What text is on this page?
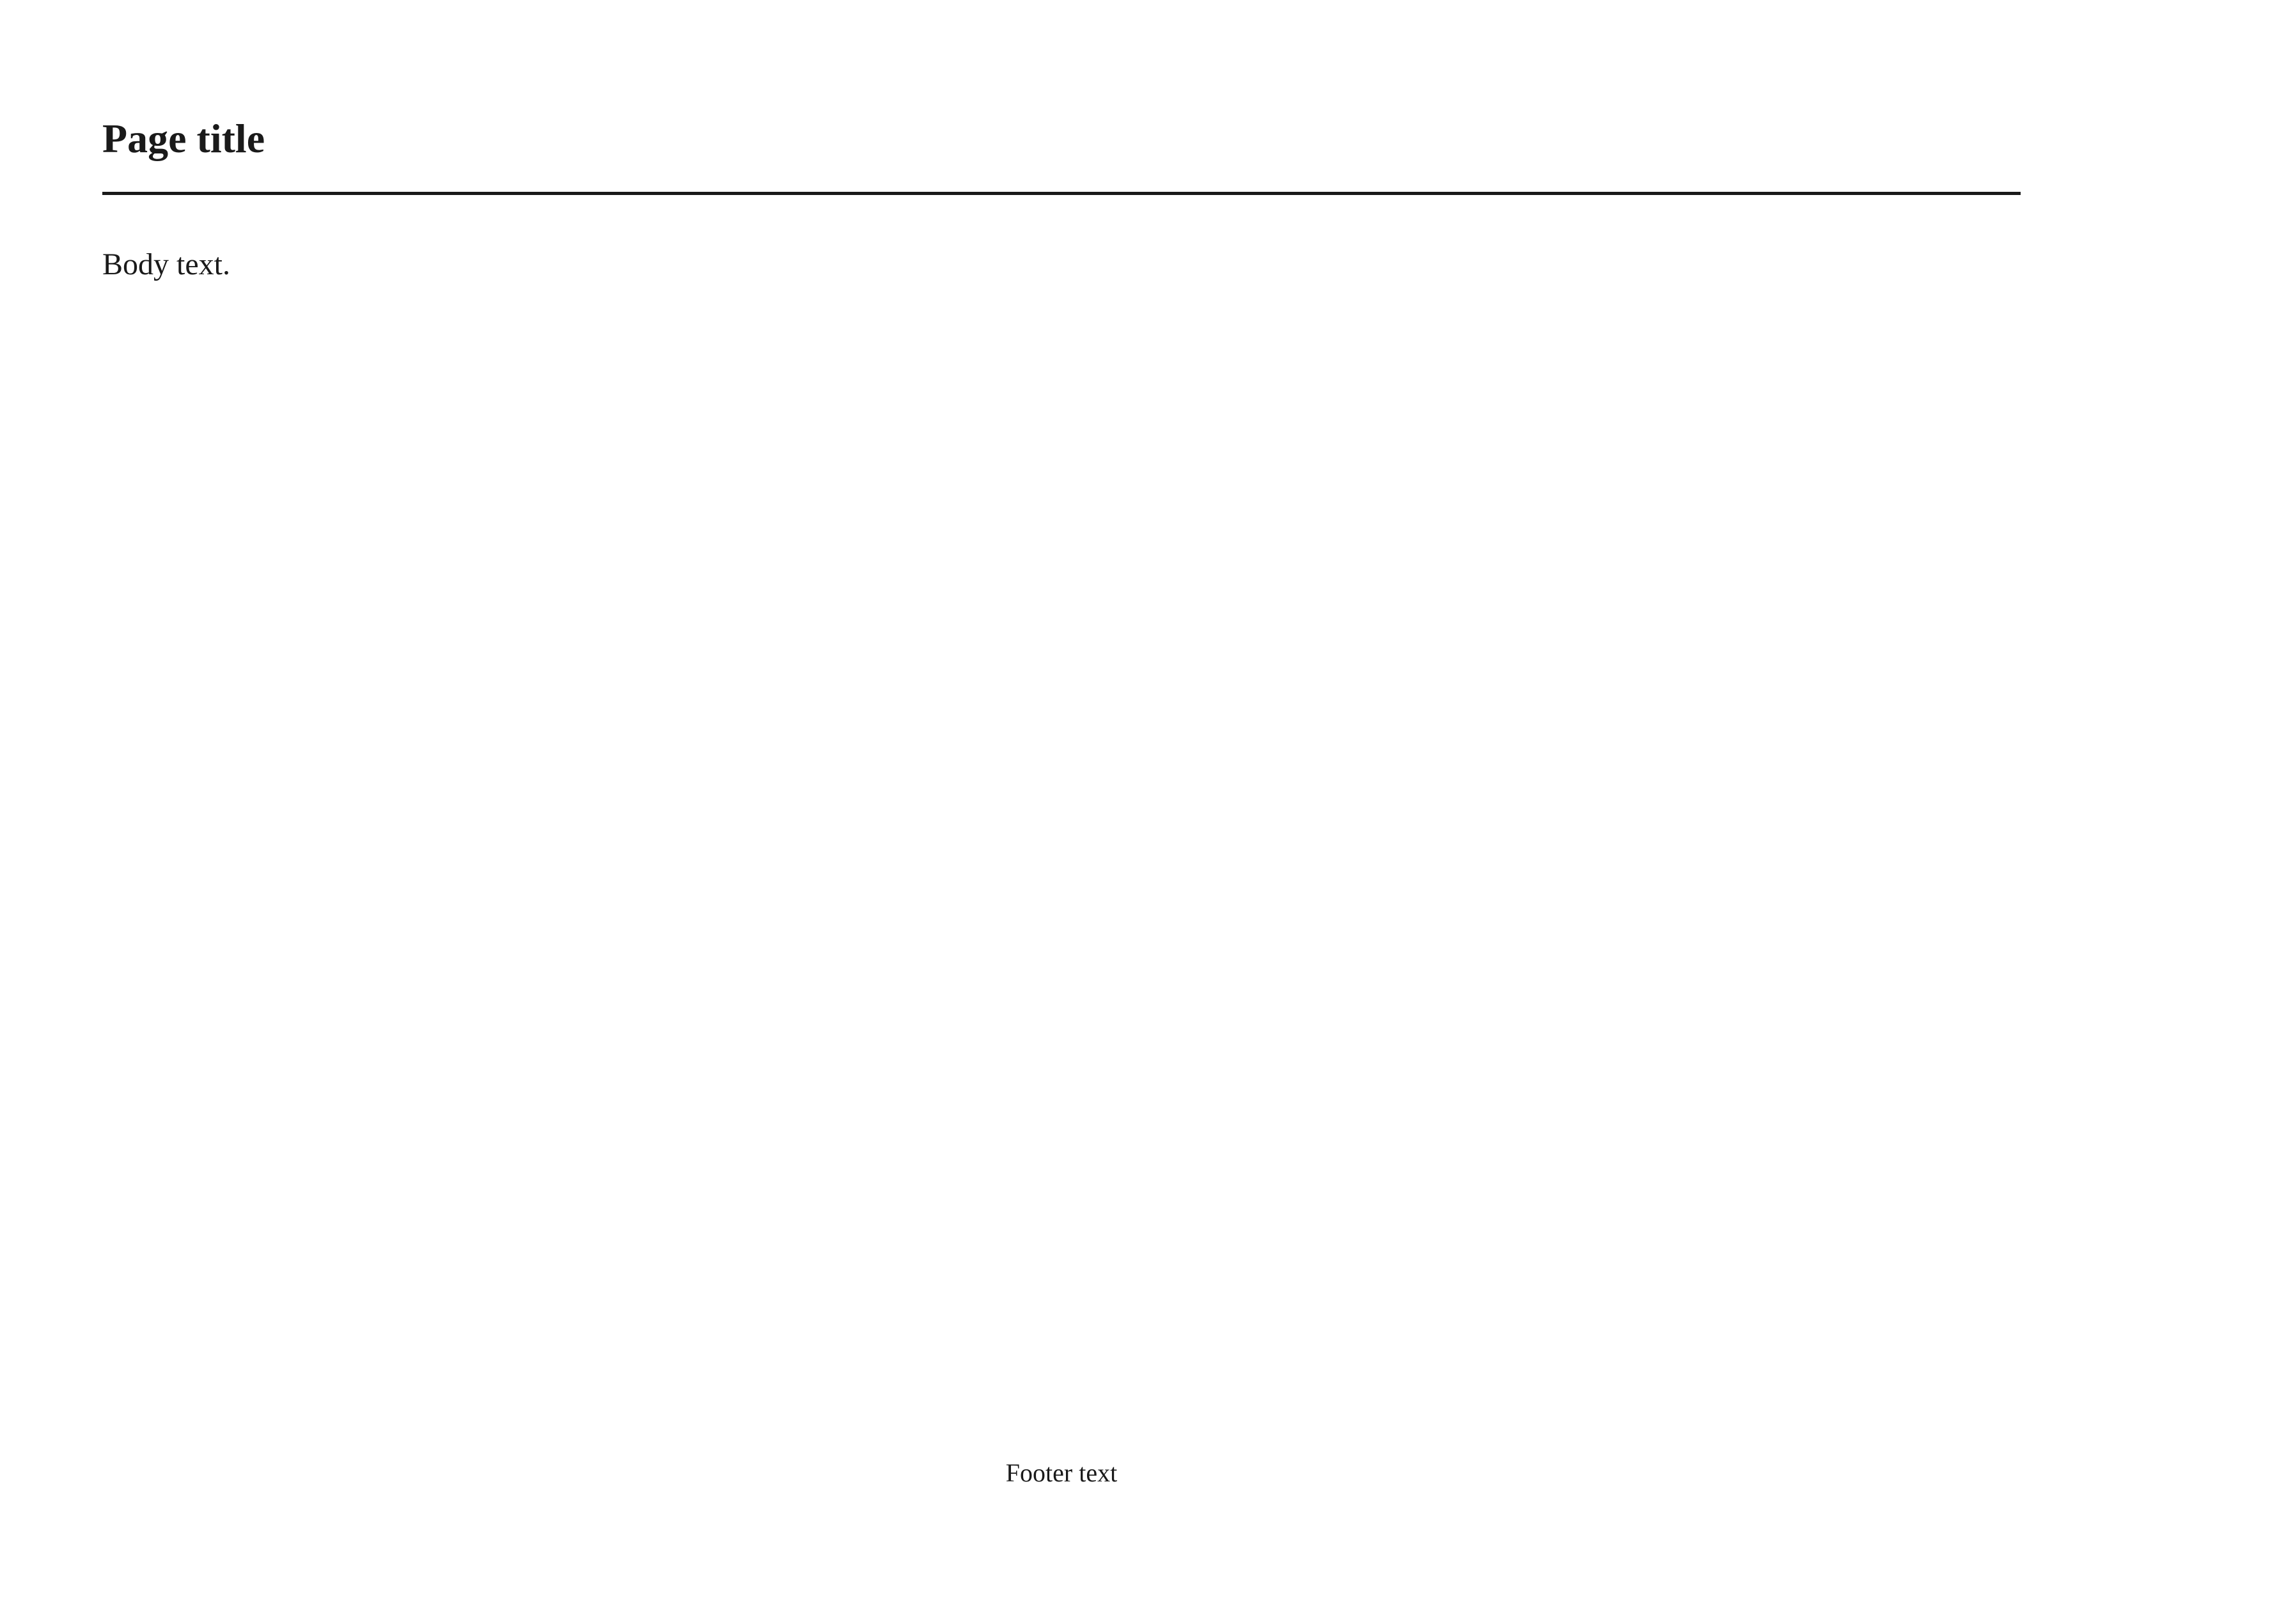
Page title
Body text.
Footer text
